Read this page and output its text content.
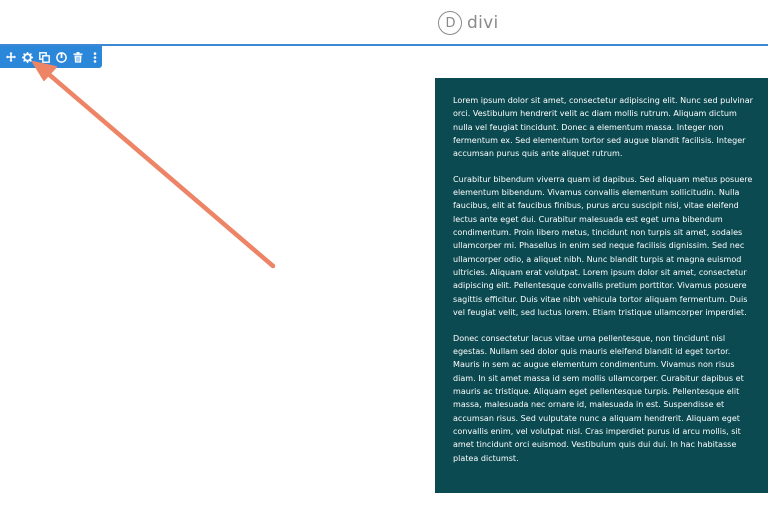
D divi

Lorem ipsum dolor sit amet, consectetur adipiscing elit. Nunc sed pulvinar orci. Vestibulum hendrerit velit ac diam mollis rutrum. Aliquam dictum nulla vel feugiat tincidunt. Donec a elementum massa. Integer non fermentum ex. Sed elementum tortor sed augue blandit facilisis. Integer accumsan purus quis ante aliquet rutrum.

Curabitur bibendum viverra quam id dapibus. Sed aliquam metus posuere elementum bibendum. Vivamus convallis elementum sollicitudin. Nulla faucibus, elit at faucibus finibus, purus arcu suscipit nisi, vitae eleifend lectus ante eget dui. Curabitur malesuada est eget urna bibendum condimentum. Proin libero metus, tincidunt non turpis sit amet, sodales ullamcorper mi. Phasellus in enim sed neque facilisis dignissim. Sed nec ullamcorper odio, a aliquet nibh. Nunc blandit turpis at magna euismod ultricies. Aliquam erat volutpat. Lorem ipsum dolor sit amet, consectetur adipiscing elit. Pellentesque convallis pretium porttitor. Vivamus posuere sagittis efficitur. Duis vitae nibh vehicula tortor aliquam fermentum. Duis vel feugiat velit, sed luctus lorem. Etiam tristique ullamcorper imperdiet.

Donec consectetur lacus vitae urna pellentesque, non tincidunt nisl egestas. Nullam sed dolor quis mauris eleifend blandit id eget tortor. Mauris in sem ac augue elementum condimentum. Vivamus non risus diam. In sit amet massa id sem mollis ullamcorper. Curabitur dapibus et mauris ac tristique. Aliquam eget pellentesque turpis. Pellentesque elit massa, malesuada nec ornare id, malesuada in est. Suspendisse et accumsan risus. Sed vulputate nunc a aliquam hendrerit. Aliquam eget convallis enim, vel volutpat nisl. Cras imperdiet purus id arcu mollis, sit amet tincidunt orci euismod. Vestibulum quis dui dui. In hac habitasse platea dictumst.
